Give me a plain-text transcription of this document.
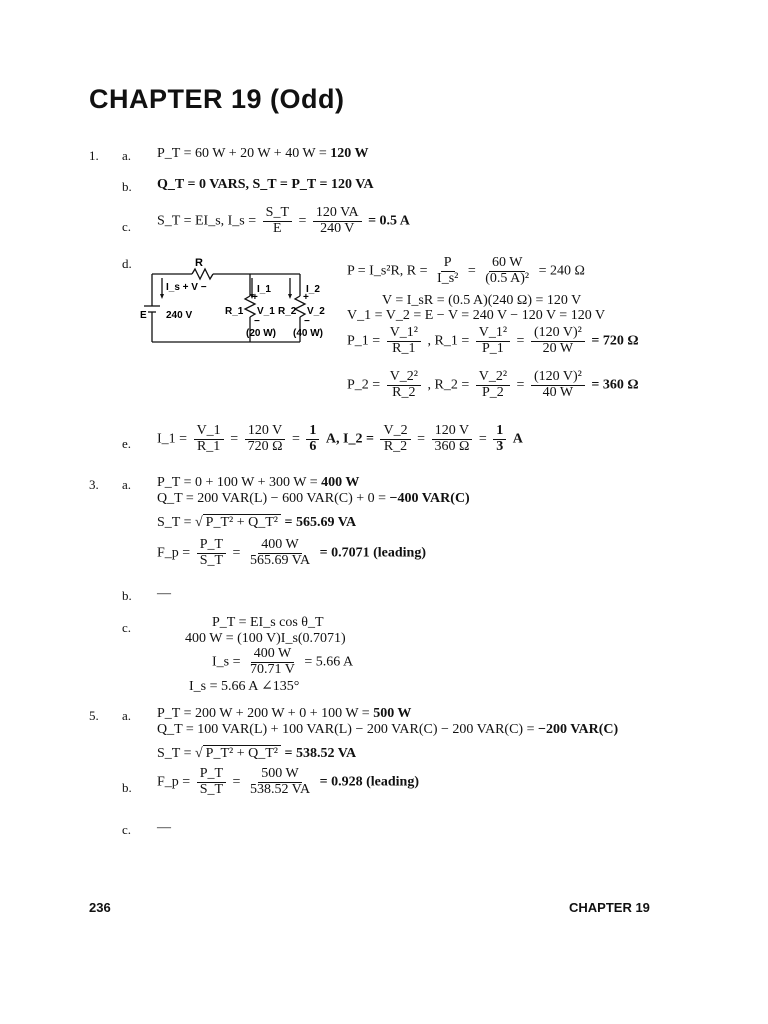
CHAPTER 19 (Odd)
1. a. P_T = 60 W + 20 W + 40 W = 120 W
b. Q_T = 0 VARS, S_T = P_T = 120 VA
c. S_T = EI_s, I_s = $\frac{S\_T}{E} = \frac{120 VA}{240 V} = 0.5$ A
d.	R
I_s + V −	I_1	I_2
E 240 V
+	+
R_1 V_1 R_2 V_2
−	−
(20 W) (40 W)
P = I_s²R, $R = \frac{P}{\text{I\_s²}} = \frac{60 W}{\text{(0.5 A)²}} = 240$ Ω
V = I_sR = (0.5 A)(240 Ω) = 120 V
V_1 = V_2 = E − V = 240 V − 120 V = 120 V
P_1 = $\frac{\text{V\_1²}}{R\_1}$ , R_1 = $\frac{\text{V\_1²}}{P\_1} = \frac{\text{(120 V)²}}{20 W} = 720$ Ω
P_2 = $\frac{\text{V\_2²}}{R\_2}$ , R_2 = $\frac{\text{V\_2²}}{P\_2} = \frac{\text{(120 V)²}}{40 W} = 360$ Ω
e. I_1 = $\frac{V\_1}{R\_1} = \frac{120 V}{720 \Omega} = \frac{1}{6} A$, I_2 = $\frac{V\_2}{R\_2} = \frac{120 V}{360 \Omega} = \frac{1}{3}$ A
3. a. P_T = 0 + 100 W + 300 W = 400 W
Q_T = 200 VAR(L) − 600 VAR(C) + 0 = −400 VAR(C)
S_T = √ P_T² + Q_T² = 565.69 VA
F_p = $\frac{P\_T}{S\_T} = \frac{400 W}{565.69 VA} = 0.7071$ (leading)
b. —
c.	P_T = EI_s cos θ_T
400 W = (100 V)I_s(0.7071)
I_s = $\frac{400 W}{70.71 V} = 5.66$ A
I_s = 5.66 A ∠135°
5. a. P_T = 200 W + 200 W + 0 + 100 W = 500 W
Q_T = 100 VAR(L) + 100 VAR(L) − 200 VAR(C) − 200 VAR(C) = −200 VAR(C)
S_T = √ P_T² + Q_T² = 538.52 VA
b. F_p = $\frac{P\_T}{S\_T} = \frac{500 W}{538.52 VA} = 0.928$ (leading)
c. —
236	CHAPTER 19
